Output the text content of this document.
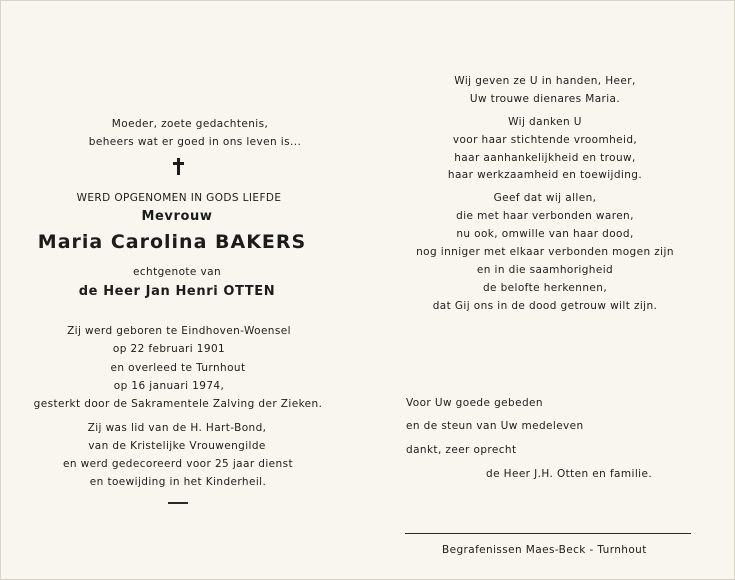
Moeder, zoete gedachtenis,
beheers wat er goed in ons leven is...
WERD OPGENOMEN IN GODS LIEFDE
Mevrouw
Maria Carolina BAKERS
echtgenote van
de Heer Jan Henri OTTEN
Zij werd geboren te Eindhoven-Woensel
op 22 februari 1901
en overleed te Turnhout
op 16 januari 1974,
gesterkt door de Sakramentele Zalving der Zieken.
Zij was lid van de H. Hart-Bond,
van de Kristelijke Vrouwengilde
en werd gedecoreerd voor 25 jaar dienst
en toewijding in het Kinderheil.
Wij geven ze U in handen, Heer,
Uw trouwe dienares Maria.
Wij danken U
voor haar stichtende vroomheid,
haar aanhankelijkheid en trouw,
haar werkzaamheid en toewijding.
Geef dat wij allen,
die met haar verbonden waren,
nu ook, omwille van haar dood,
nog inniger met elkaar verbonden mogen zijn
en in die saamhorigheid
de belofte herkennen,
dat Gij ons in de dood getrouw wilt zijn.
Voor Uw goede gebeden
en de steun van Uw medeleven
dankt, zeer oprecht
de Heer J.H. Otten en familie.
Begrafenissen Maes-Beck - Turnhout
